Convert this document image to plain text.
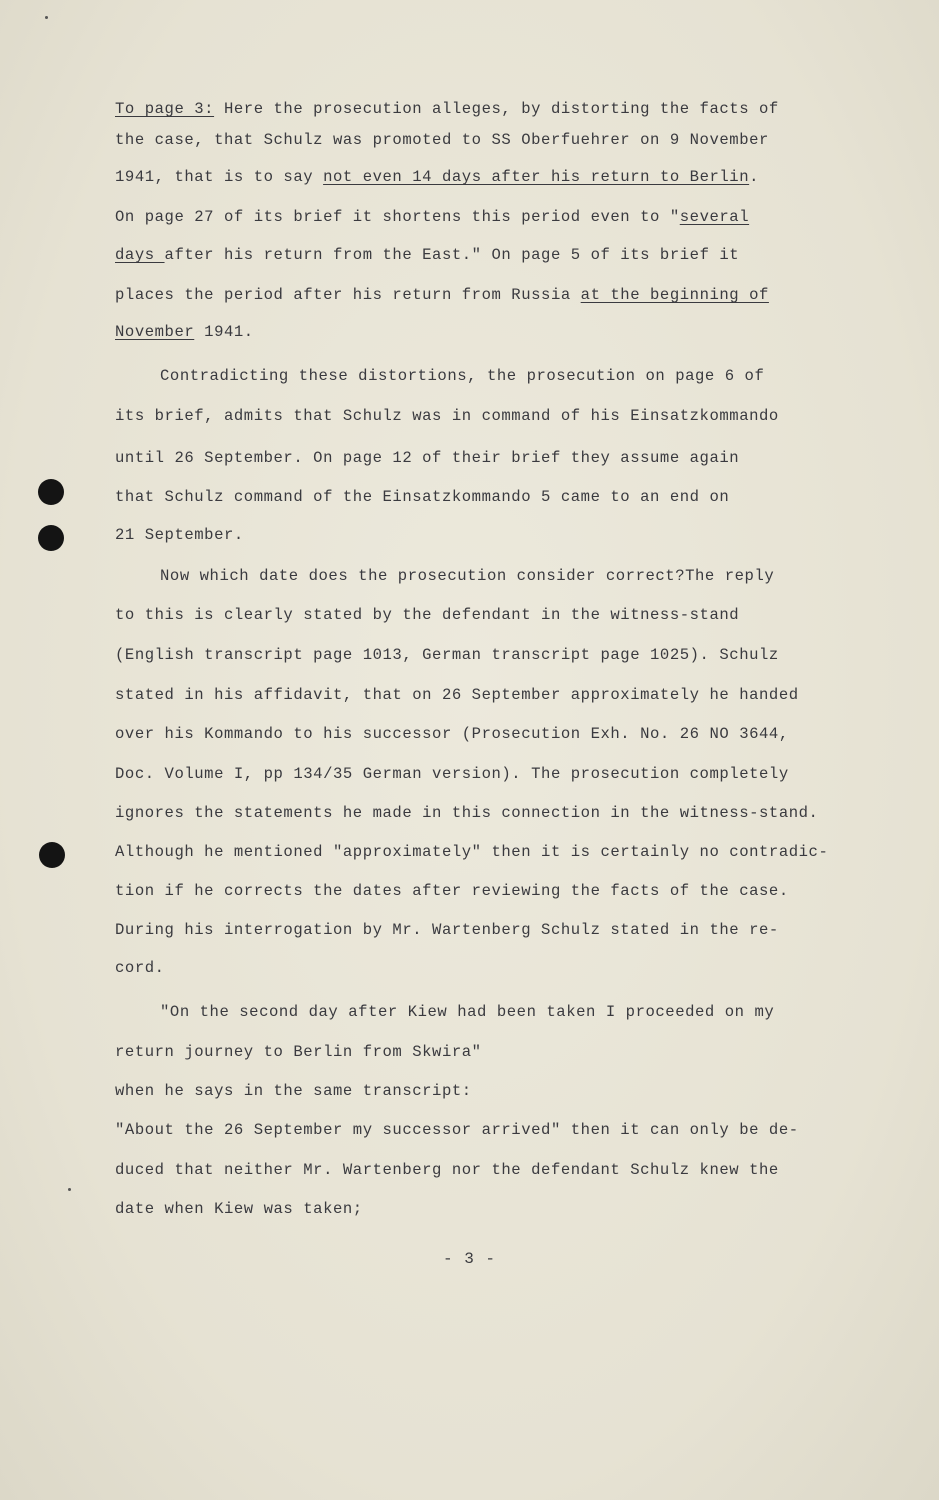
To page 3: Here the prosecution alleges, by distorting the facts of
the case, that Schulz was promoted to SS Oberfuehrer on 9 November
1941, that is to say not even 14 days after his return to Berlin.
On page 27 of its brief it shortens this period even to "several
days after his return from the East." On page 5 of its brief it
places the period after his return from Russia at the beginning of
November 1941.
Contradicting these distortions, the prosecution on page 6 of
its brief, admits that Schulz was in command of his Einsatzkommando
until 26 September. On page 12 of their brief they assume again
that Schulz command of the Einsatzkommando 5 came to an end on
21 September.
Now which date does the prosecution consider correct?The reply
to this is clearly stated by the defendant in the witness-stand
(English transcript page 1013, German transcript page 1025). Schulz
stated in his affidavit, that on 26 September approximately he handed
over his Kommando to his successor (Prosecution Exh. No. 26 NO 3644,
Doc. Volume I, pp 134/35 German version). The prosecution completely
ignores the statements he made in this connection in the witness-stand.
Although he mentioned "approximately" then it is certainly no contradic-
tion if he corrects the dates after reviewing the facts of the case.
During his interrogation by Mr. Wartenberg Schulz stated in the re-
cord.
"On the second day after Kiew had been taken I proceeded on my
return journey to Berlin from Skwira"
when he says in the same transcript:
"About the 26 September my successor arrived" then it can only be de-
duced that neither Mr. Wartenberg nor the defendant Schulz knew the
date when Kiew was taken;
- 3 -
